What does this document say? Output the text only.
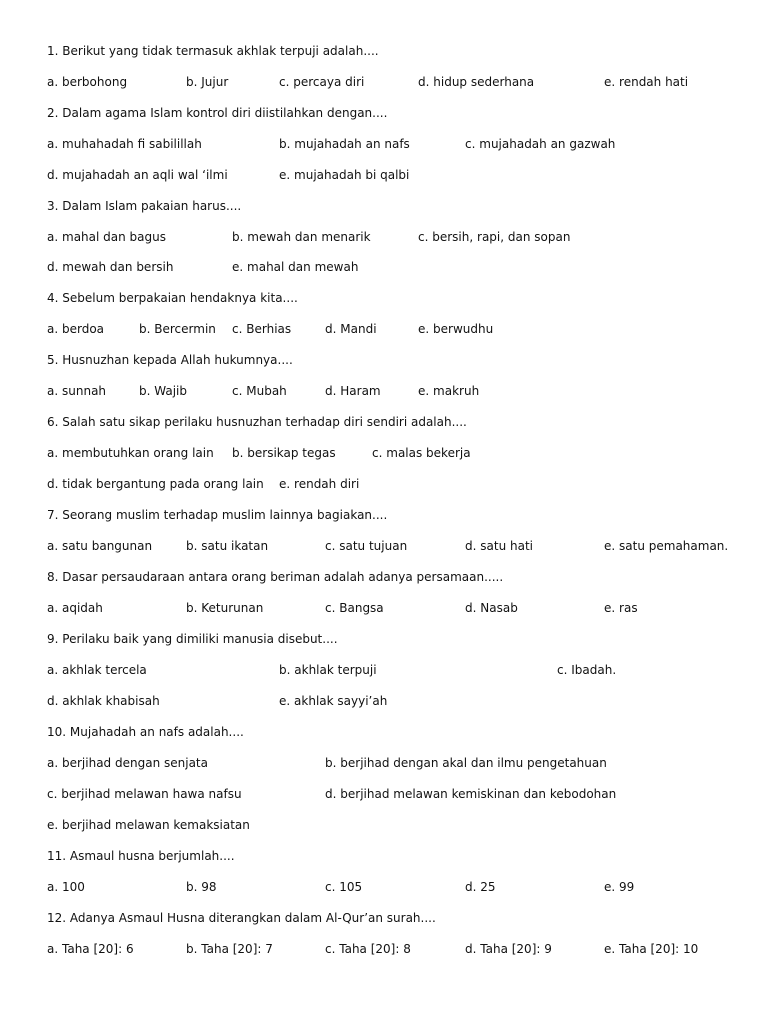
1. Berikut yang tidak termasuk akhlak terpuji adalah....
a. berbohong	b. Jujur	c. percaya diri	d. hidup sederhana	e. rendah hati
2. Dalam agama Islam kontrol diri diistilahkan dengan....
a. muhahadah fi sabilillah	b. mujahadah an nafs	c. mujahadah an gazwah
d. mujahadah an aqli wal ‘ilmi	e. mujahadah bi qalbi
3. Dalam Islam pakaian harus....
a. mahal dan bagus	b. mewah dan menarik	c. bersih, rapi, dan sopan
d. mewah dan bersih	e. mahal dan mewah
4. Sebelum berpakaian hendaknya kita....
a. berdoa	b. Bercermin c. Berhias	d. Mandi	e. berwudhu
5. Husnuzhan kepada Allah hukumnya....
a. sunnah	b. Wajib	c. Mubah	d. Haram	e. makruh
6. Salah satu sikap perilaku husnuzhan terhadap diri sendiri adalah....
a. membutuhkan orang lain b. bersikap tegas	c. malas bekerja
d. tidak bergantung pada orang lain e. rendah diri
7. Seorang muslim terhadap muslim lainnya bagiakan....
a. satu bangunan	b. satu ikatan	c. satu tujuan	d. satu hati	e. satu pemahaman.
8. Dasar persaudaraan antara orang beriman adalah adanya persamaan.....
a. aqidah	b. Keturunan	c. Bangsa	d. Nasab	e. ras
9. Perilaku baik yang dimiliki manusia disebut....
a. akhlak tercela	b. akhlak terpuji	c. Ibadah.
d. akhlak khabisah	e. akhlak sayyi’ah
10. Mujahadah an nafs adalah....
a. berjihad dengan senjata	b. berjihad dengan akal dan ilmu pengetahuan
c. berjihad melawan hawa nafsu	d. berjihad melawan kemiskinan dan kebodohan
e. berjihad melawan kemaksiatan
11. Asmaul husna berjumlah....
a. 100	b. 98	c. 105	d. 25	e. 99
12. Adanya Asmaul Husna diterangkan dalam Al-Qur’an surah....
a. Taha [20]: 6	b. Taha [20]: 7	c. Taha [20]: 8	d. Taha [20]: 9	e. Taha [20]: 10
